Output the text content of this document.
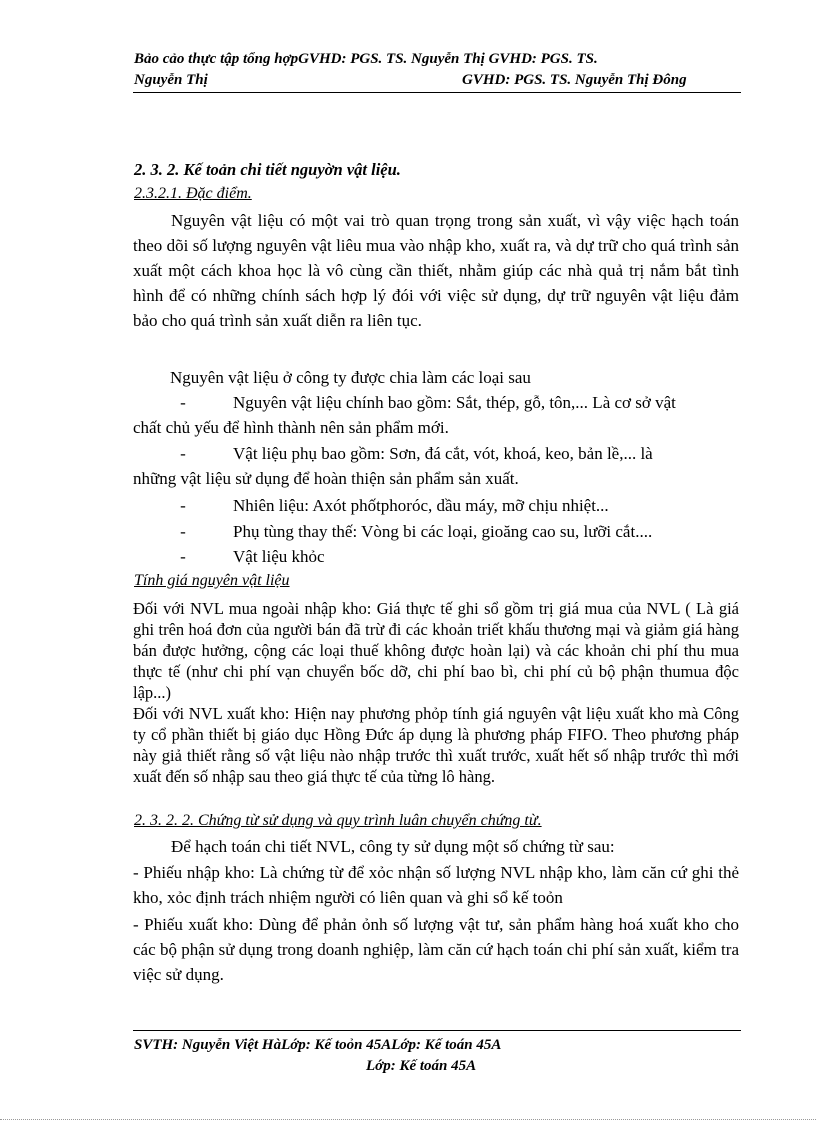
Bảo cảo thực tập tổng hợpGVHD: PGS. TS. Nguyễn Thị GVHD: PGS. TS.
Nguyễn Thị	GVHD: PGS. TS. Nguyễn Thị Đông
2. 3. 2. Kế toản chi tiết nguyờn vật liệu.
2.3.2.1. Đặc điểm.
Nguyên vật liệu có một vai trò quan trọng trong sản xuất, vì vậy việc hạch toán theo dõi số lượng nguyên vật liêu mua vào nhập kho, xuất ra, và dự trữ cho quá trình sản xuất một cách khoa học là vô cùng cần thiết, nhằm giúp các nhà quả trị nắm bắt tình hình để có những chính sách hợp lý đói với việc sử dụng, dự trữ nguyên vật liệu đảm bảo cho quá trình sản xuất diễn ra liên tục.
Nguyên vật liệu ở công ty được chia làm các loại sau
-	Nguyên vật liệu chính bao gồm: Sắt, thép, gỗ, tôn,... Là cơ sở vật
chất chủ yếu để hình thành nên sản phẩm mới.
-	Vật liệu phụ bao gồm: Sơn, đá cắt, vót, khoá, keo, bản lề,... là
những vật liệu sử dụng để hoàn thiện sản phẩm sản xuất.
-	Nhiên liệu: Axót phốtphoróc, dầu máy, mỡ chịu nhiệt...
-	Phụ tùng thay thế: Vòng bi các loại, gioăng cao su, lưỡi cắt....
-	Vật liệu khỏc
Tính giá nguyên vật liệu
Đối với NVL mua ngoài nhập kho: Giá thực tế ghi sổ gồm trị giá mua của NVL ( Là giá ghi trên hoá đơn của người bán đã trừ đi các khoản triết khấu thương mại và giảm giá hàng bán được hưởng, cộng các loại thuế không được hoàn lại) và các khoản chi phí thu mua thực tế (như chi phí vạn chuyển bốc dỡ, chi phí bao bì, chi phí củ bộ phận thumua độc lập...)
Đối với NVL xuất kho: Hiện nay phương phỏp tính giá nguyên vật liệu xuất kho mà Công ty cổ phần thiết bị giáo dục Hồng Đức áp dụng là phương pháp FIFO. Theo phương pháp này giả thiết rằng số vật liệu nào nhập trước thì xuất trước, xuất hết số nhập trước thì mới xuất đến số nhập sau theo giá thực tế của từng lô hàng.
2. 3. 2. 2. Chứng từ sử dụng và quy trình luân chuyển chứng từ.
Để hạch toán chi tiết NVL, công ty sử dụng một số chứng từ sau:
- Phiếu nhập kho: Là chứng từ để xỏc nhận số lượng NVL nhập kho, làm căn cứ ghi thẻ kho, xỏc định trách nhiệm người có liên quan và ghi sổ kế toỏn
- Phiếu xuất kho: Dùng để phản ỏnh số lượng vật tư, sản phẩm hàng hoá xuất kho cho các bộ phận sử dụng trong doanh nghiệp, làm căn cứ hạch toán chi phí sản xuất, kiểm tra việc sử dụng.
SVTH: Nguyễn Việt HàLớp: Kế toỏn 45ALớp: Kế toán 45A
Lớp: Kế toán 45A
